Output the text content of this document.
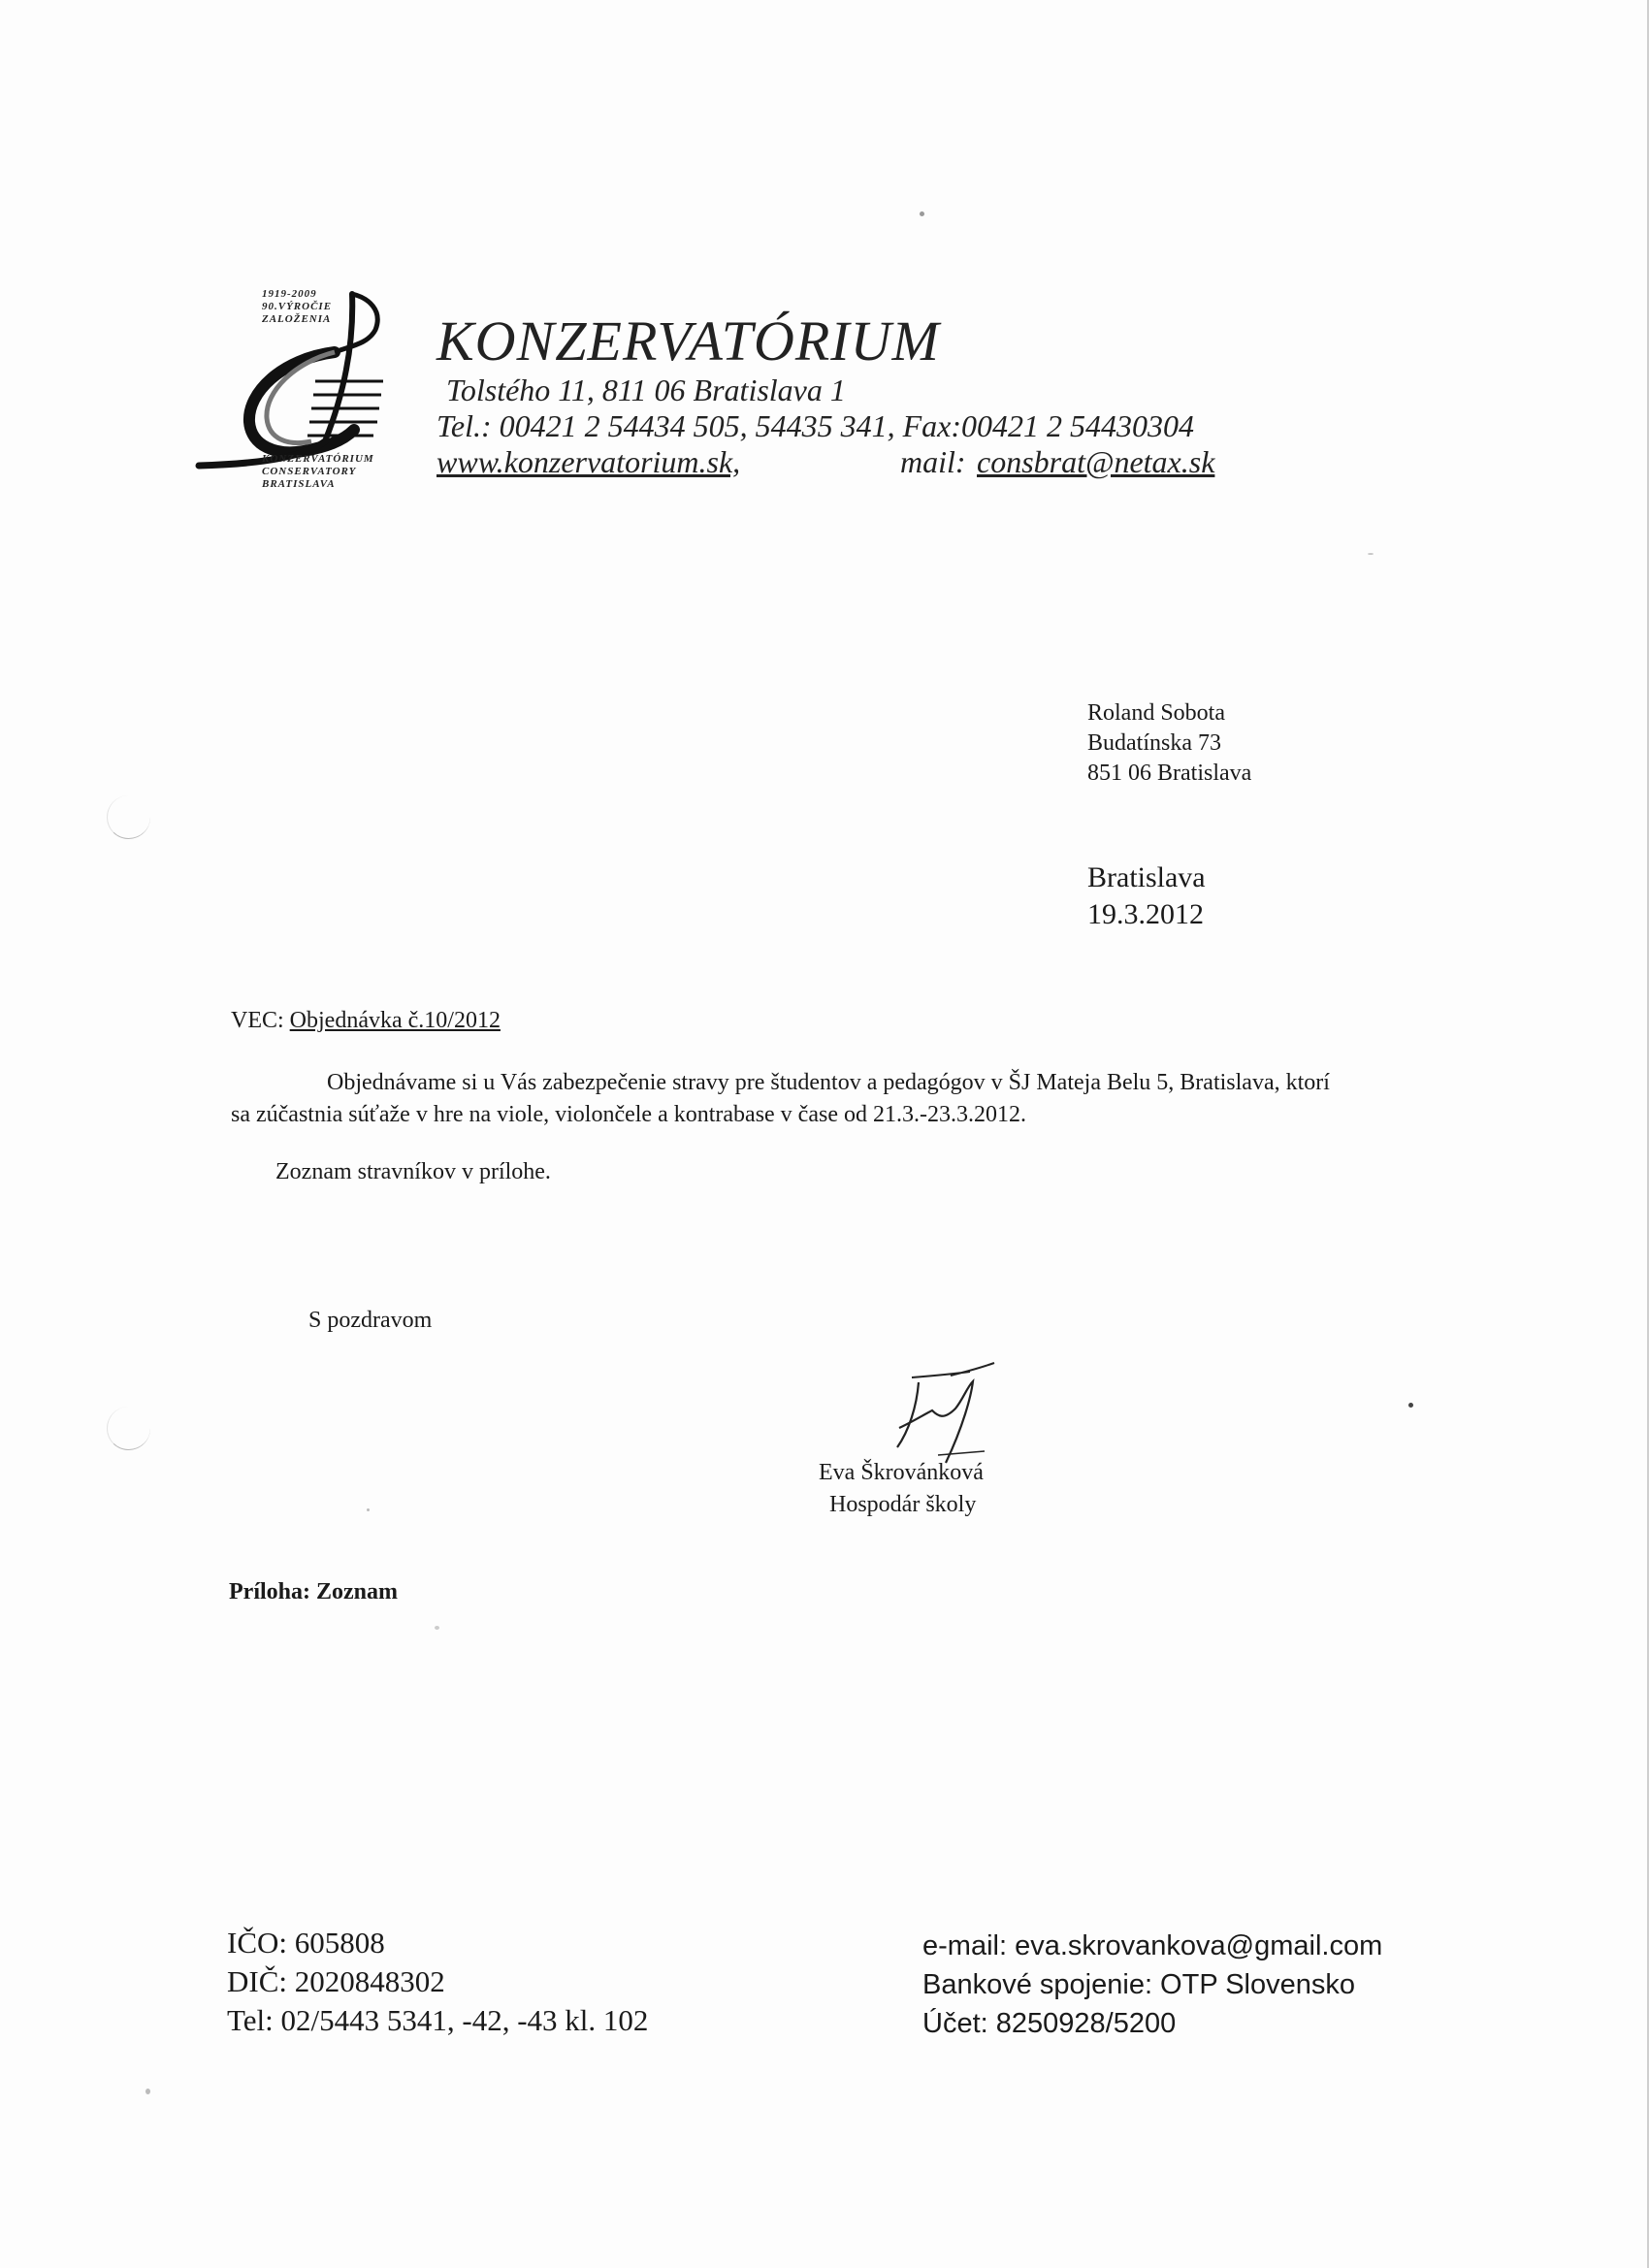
1919-2009
90.VÝROČIE
ZALOŽENIA
KONZERVATÓRIUM
CONSERVATORY
BRATISLAVA
KONZERVATÓRIUM
Tolstého 11, 811 06 Bratislava 1
Tel.: 00421 2 54434 505, 54435 341, Fax:00421 2 54430304
www.konzervatorium.sk,	mail: consbrat@netax.sk
Roland Sobota
Budatínska 73
851 06 Bratislava
Bratislava
19.3.2012
VEC: Objednávka č.10/2012
Objednávame si u Vás zabezpečenie stravy pre študentov a pedagógov v ŠJ Mateja Belu 5, Bratislava, ktorí
sa zúčastnia súťaže v hre na viole, violončele a kontrabase v čase od 21.3.-23.3.2012.
Zoznam stravníkov v prílohe.
S pozdravom
Eva Škrovánková
Hospodár školy
Príloha: Zoznam
IČO: 605808
DIČ: 2020848302
Tel: 02/5443 5341, -42, -43 kl. 102
e-mail: eva.skrovankova@gmail.com
Bankové spojenie: OTP Slovensko
Účet: 8250928/5200
